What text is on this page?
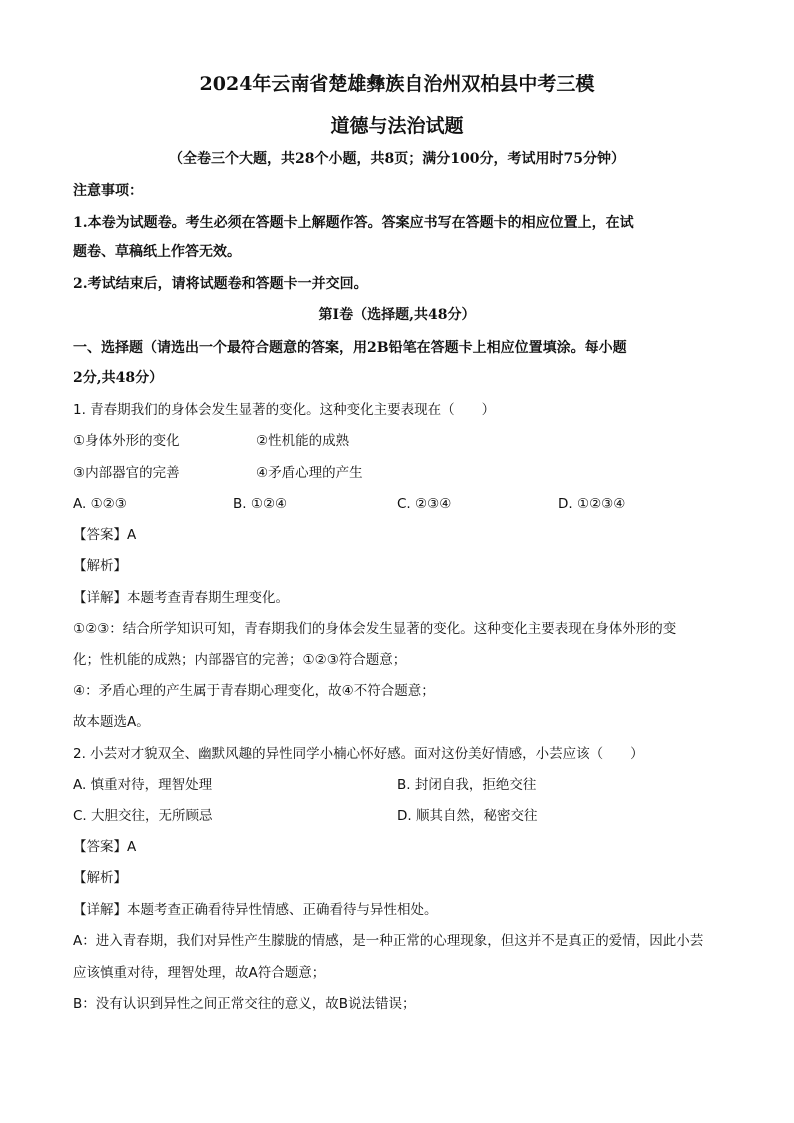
2024年云南省楚雄彝族自治州双柏县中考三模
道德与法治试题
（全卷三个大题，共28个小题，共8页；满分100分，考试用时75分钟）
注意事项：
1.本卷为试题卷。考生必须在答题卡上解题作答。答案应书写在答题卡的相应位置上，在试
题卷、草稿纸上作答无效。
2.考试结束后，请将试题卷和答题卡一并交回。
第Ⅰ卷（选择题,共48分）
一、选择题（请选出一个最符合题意的答案，用2B铅笔在答题卡上相应位置填涂。每小题
2分,共48分）
1. 青春期我们的身体会发生显著的变化。这种变化主要表现在（　　）
①身体外形的变化	②性机能的成熟
③内部器官的完善	④矛盾心理的产生
A. ①②③	B. ①②④	C. ②③④	D. ①②③④
【答案】A
【解析】
【详解】本题考查青春期生理变化。
①②③：结合所学知识可知，青春期我们的身体会发生显著的变化。这种变化主要表现在身体外形的变
化；性机能的成熟；内部器官的完善；①②③符合题意；
④：矛盾心理的产生属于青春期心理变化，故④不符合题意；
故本题选A。
2. 小芸对才貌双全、幽默风趣的异性同学小楠心怀好感。面对这份美好情感，小芸应该（　　）
A. 慎重对待，理智处理	B. 封闭自我，拒绝交往
C. 大胆交往，无所顾忌	D. 顺其自然，秘密交往
【答案】A
【解析】
【详解】本题考查正确看待异性情感、正确看待与异性相处。
A：进入青春期，我们对异性产生朦胧的情感，是一种正常的心理现象，但这并不是真正的爱情，因此小芸
应该慎重对待，理智处理，故A符合题意；
B：没有认识到异性之间正常交往的意义，故B说法错误；
